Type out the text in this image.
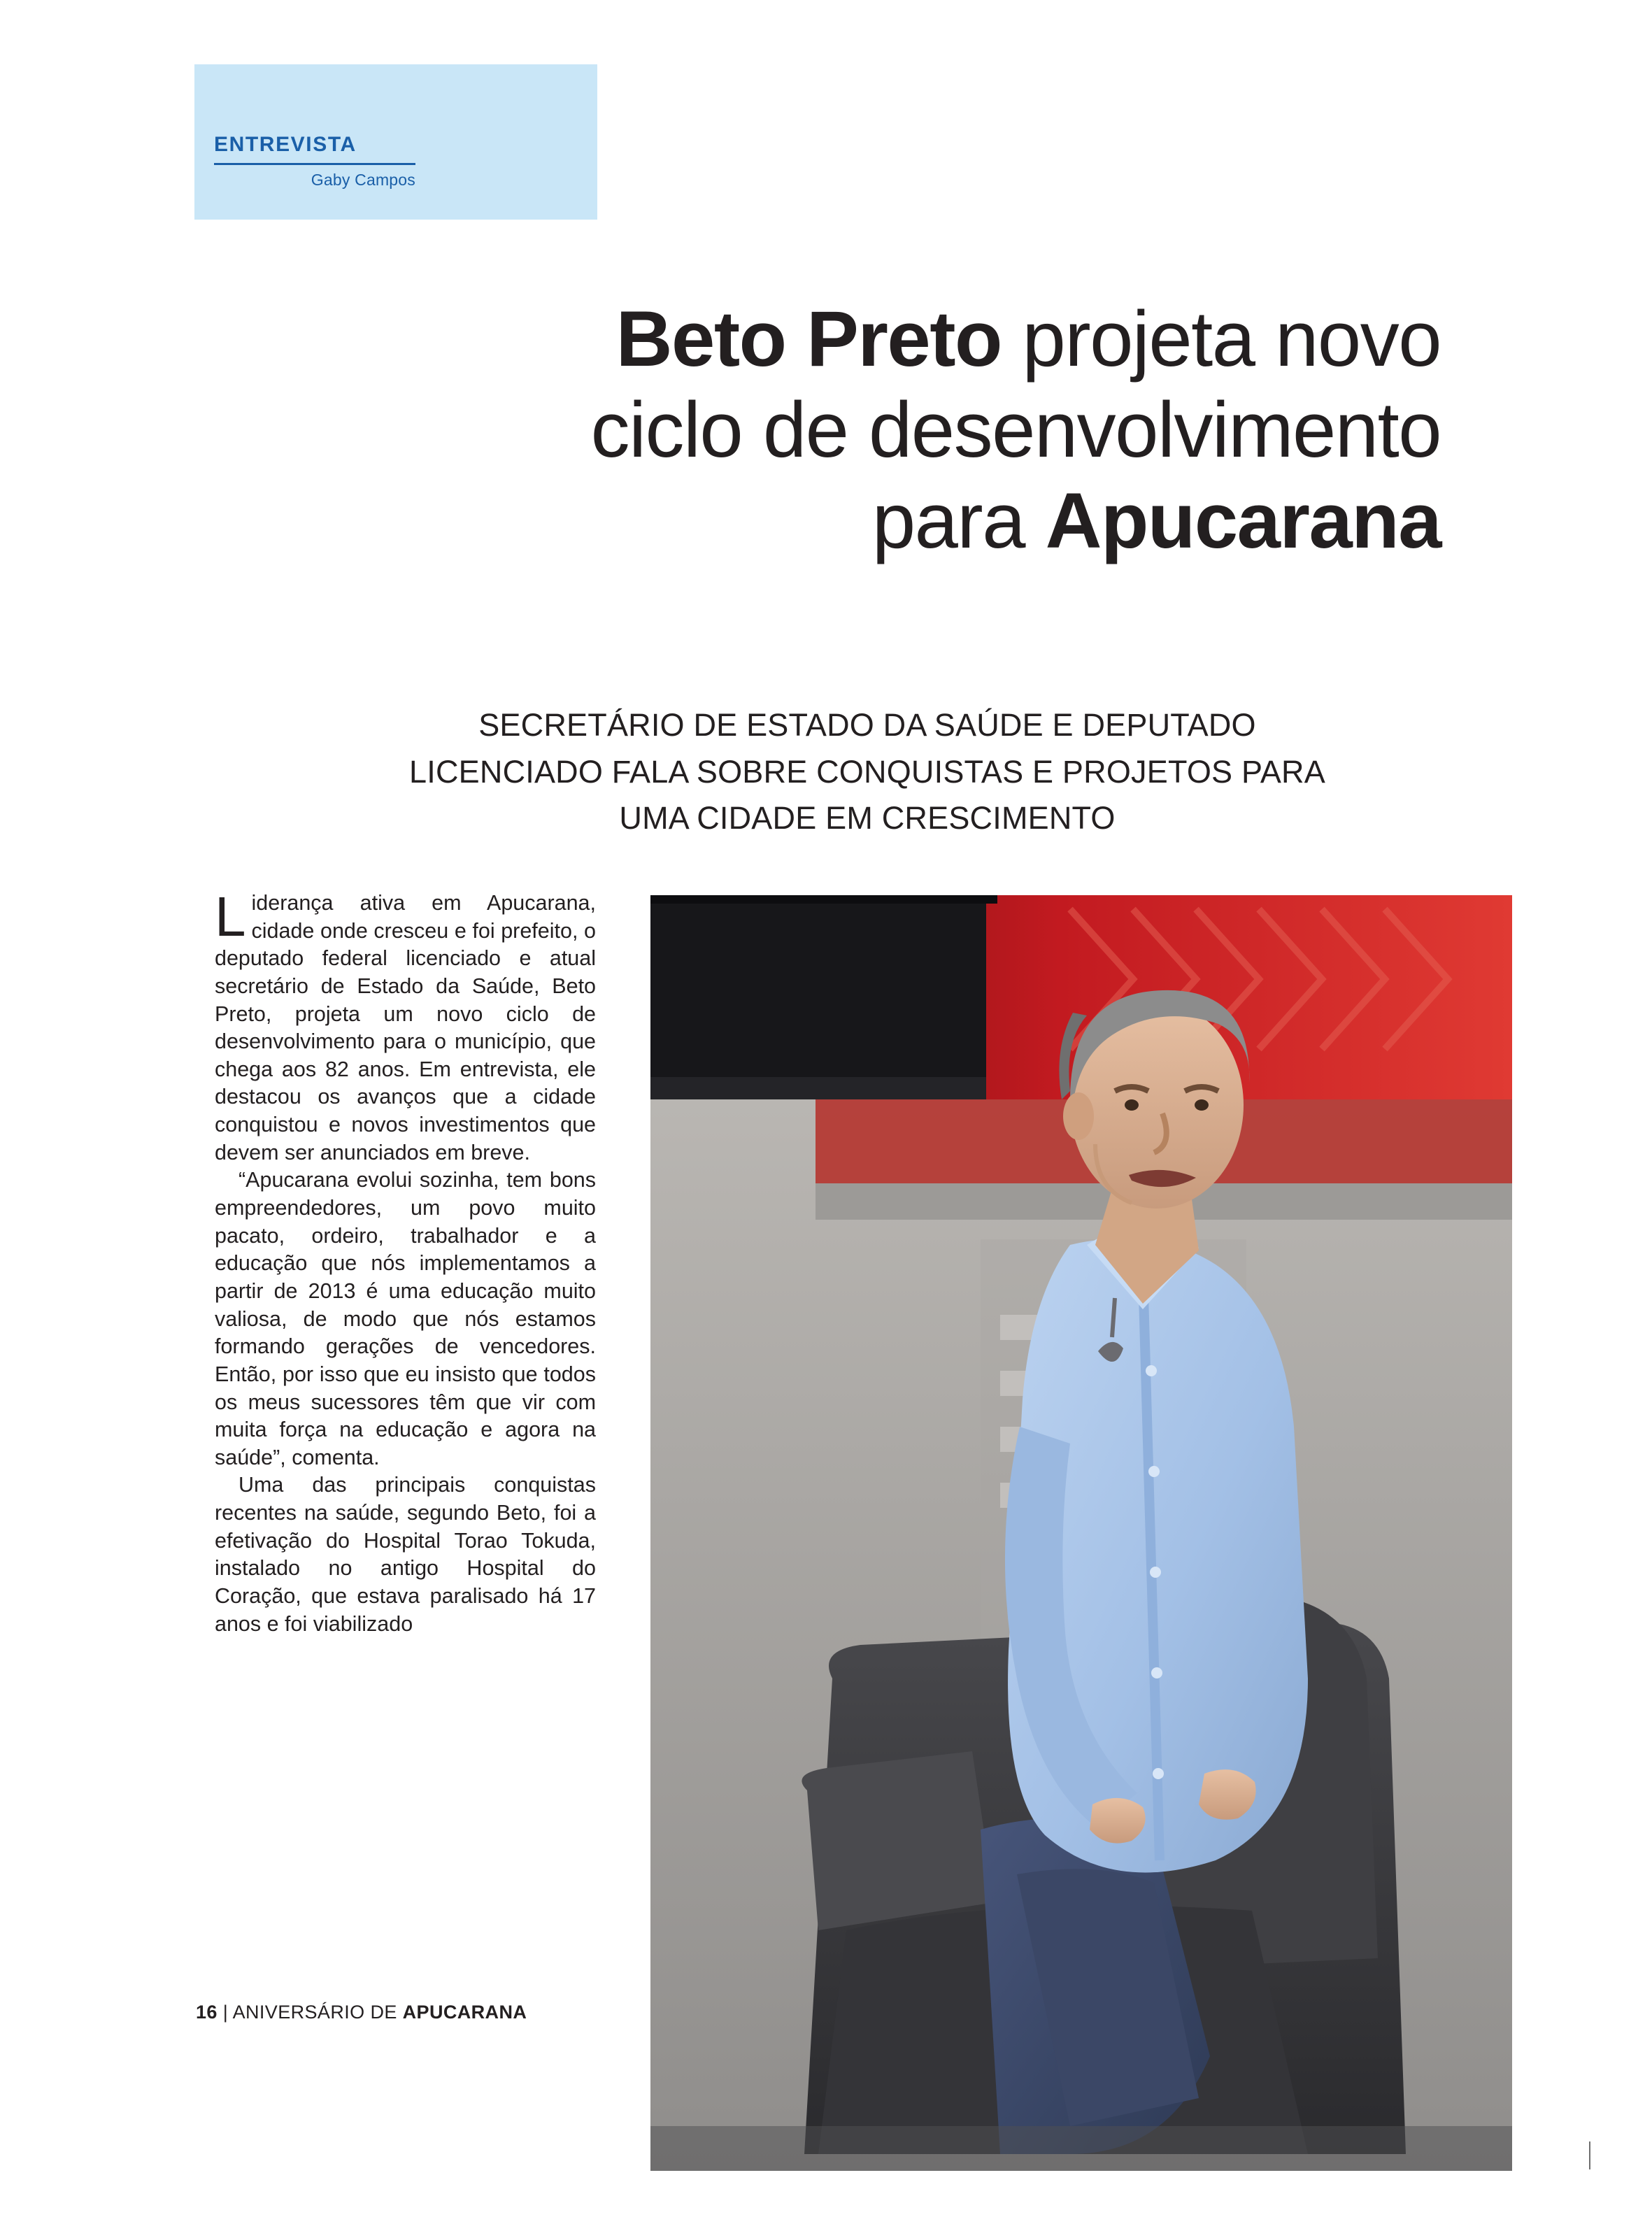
ENTREVISTA
Gaby Campos
Beto Preto projeta novo
ciclo de desenvolvimento
para Apucarana
SECRETÁRIO DE ESTADO DA SAÚDE E DEPUTADO
LICENCIADO FALA SOBRE CONQUISTAS E PROJETOS PARA
UMA CIDADE EM CRESCIMENTO

Liderança ativa em Apucarana, cidade onde cresceu e foi prefeito, o deputado federal licenciado e atual secretário de Estado da Saúde, Beto Preto, projeta um novo ciclo de desenvolvimento para o município, que chega aos 82 anos. Em entrevista, ele destacou os avanços que a cidade conquistou e novos investimentos que devem ser anunciados em breve.

“Apucarana evolui sozinha, tem bons empreendedores, um povo muito pacato, ordeiro, trabalhador e a educação que nós implementamos a partir de 2013 é uma educação muito valiosa, de modo que nós estamos formando gerações de vencedores. Então, por isso que eu insisto que todos os meus sucessores têm que vir com muita força na educação e agora na saúde”, comenta.

Uma das principais conquistas recentes na saúde, segundo Beto, foi a efetivação do Hospital Torao Tokuda, instalado no antigo Hospital do Coração, que estava paralisado há 17 anos e foi viabilizado

16 | ANIVERSÁRIO DE APUCARANA
